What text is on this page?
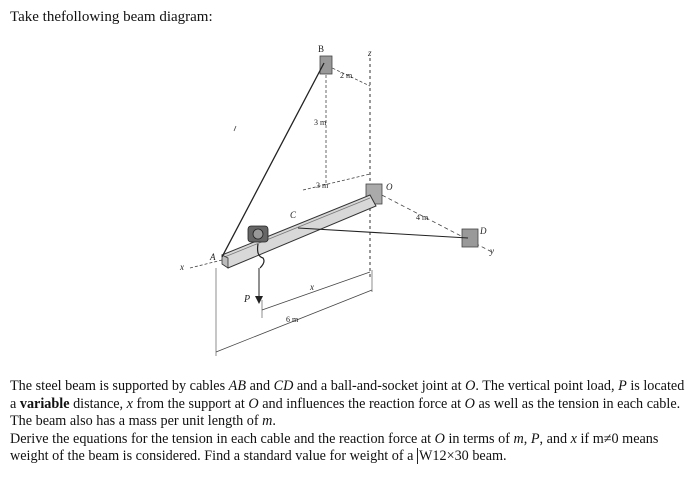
Take thefollowing beam diagram:

B	z
2 m
3 m
3 m	O
4 m
D
y
C
A
x
P
x
6 m

The steel beam is supported by cables AB and CD and a ball-and-socket joint at O. The vertical point load, P is located a variable distance, x from the support at O and influences the reaction force at O as well as the tension in each cable. The beam also has a mass per unit length of m.

Derive the equations for the tension in each cable and the reaction force at O in terms of m, P, and x if m≠0 means weight of the beam is considered. Find a standard value for weight of a W12×30 beam.
